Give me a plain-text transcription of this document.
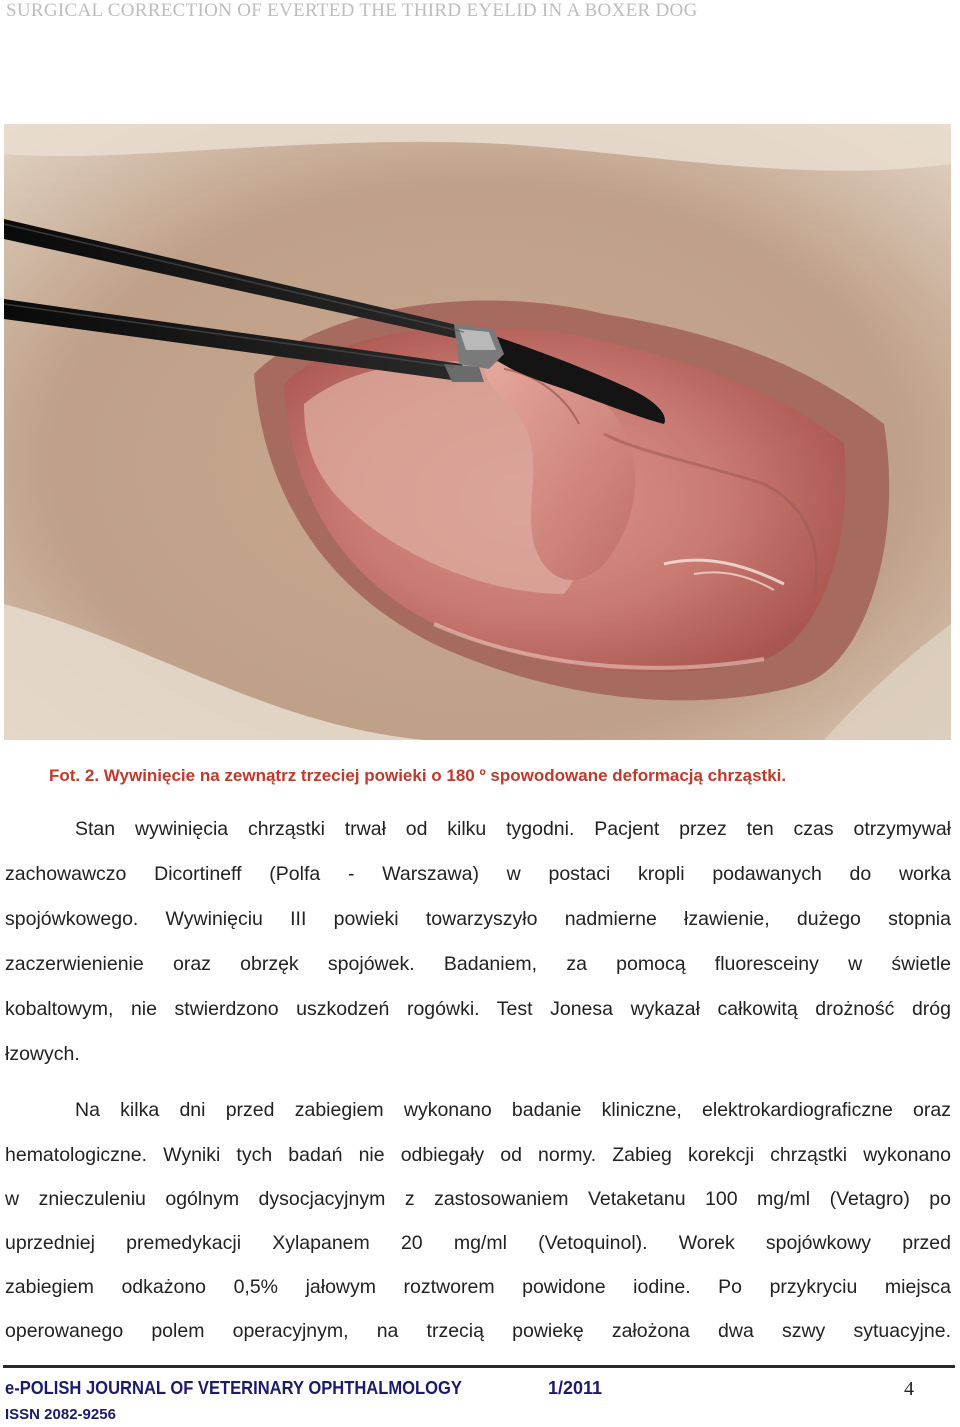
SURGICAL CORRECTION OF EVERTED THE THIRD EYELID IN A BOXER DOG
Fot. 2. Wywinięcie na zewnątrz trzeciej powieki o 180 º spowodowane deformacją chrząstki.
Stan wywinięcia chrząstki trwał od kilku tygodni. Pacjent przez ten czas otrzymywał
zachowawczo Dicortineff (Polfa - Warszawa) w postaci kropli podawanych do worka
spojówkowego. Wywinięciu III powieki towarzyszyło nadmierne łzawienie, dużego stopnia
zaczerwienienie oraz obrzęk spojówek. Badaniem, za pomocą fluoresceiny w świetle
kobaltowym, nie stwierdzono uszkodzeń rogówki. Test Jonesa wykazał całkowitą drożność dróg
łzowych.
Na kilka dni przed zabiegiem wykonano badanie kliniczne, elektrokardiograficzne oraz
hematologiczne. Wyniki tych badań nie odbiegały od normy. Zabieg korekcji chrząstki wykonano
w znieczuleniu ogólnym dysocjacyjnym z zastosowaniem Vetaketanu 100 mg/ml (Vetagro) po
uprzedniej premedykacji Xylapanem 20 mg/ml (Vetoquinol). Worek spojówkowy przed
zabiegiem odkażono 0,5% jałowym roztworem powidone iodine. Po przykryciu miejsca
operowanego polem operacyjnym, na trzecią powiekę założona dwa szwy sytuacyjne.
e-POLISH JOURNAL OF VETERINARY OPHTHALMOLOGY	1/2011	4
ISSN 2082-9256
